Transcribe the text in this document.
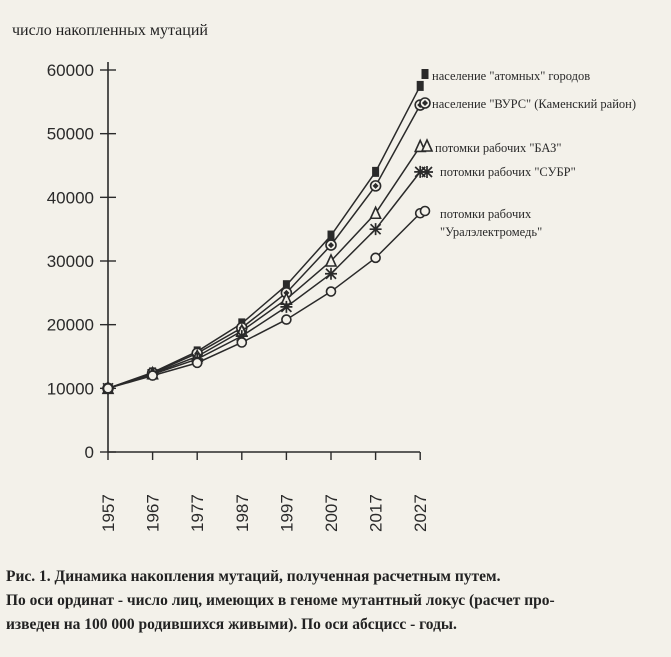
число накопленных мутаций
0
10000
20000
30000
40000
50000
60000
1957 1967 1977 1987 1997 2007 2017 2027
население "атомных" городов
население "ВУРС" (Каменский район)
потомки рабочих "БАЗ"
потомки рабочих "СУБР"
потомки рабочих
"Уралэлектромедь"

Рис. 1. Динамика накопления мутаций, полученная расчетным путем.

По оси ординат - число лиц, имеющих в геноме мутантный локус (расчет про-

изведен на 100 000 родившихся живыми). По оси абсцисс - годы.
